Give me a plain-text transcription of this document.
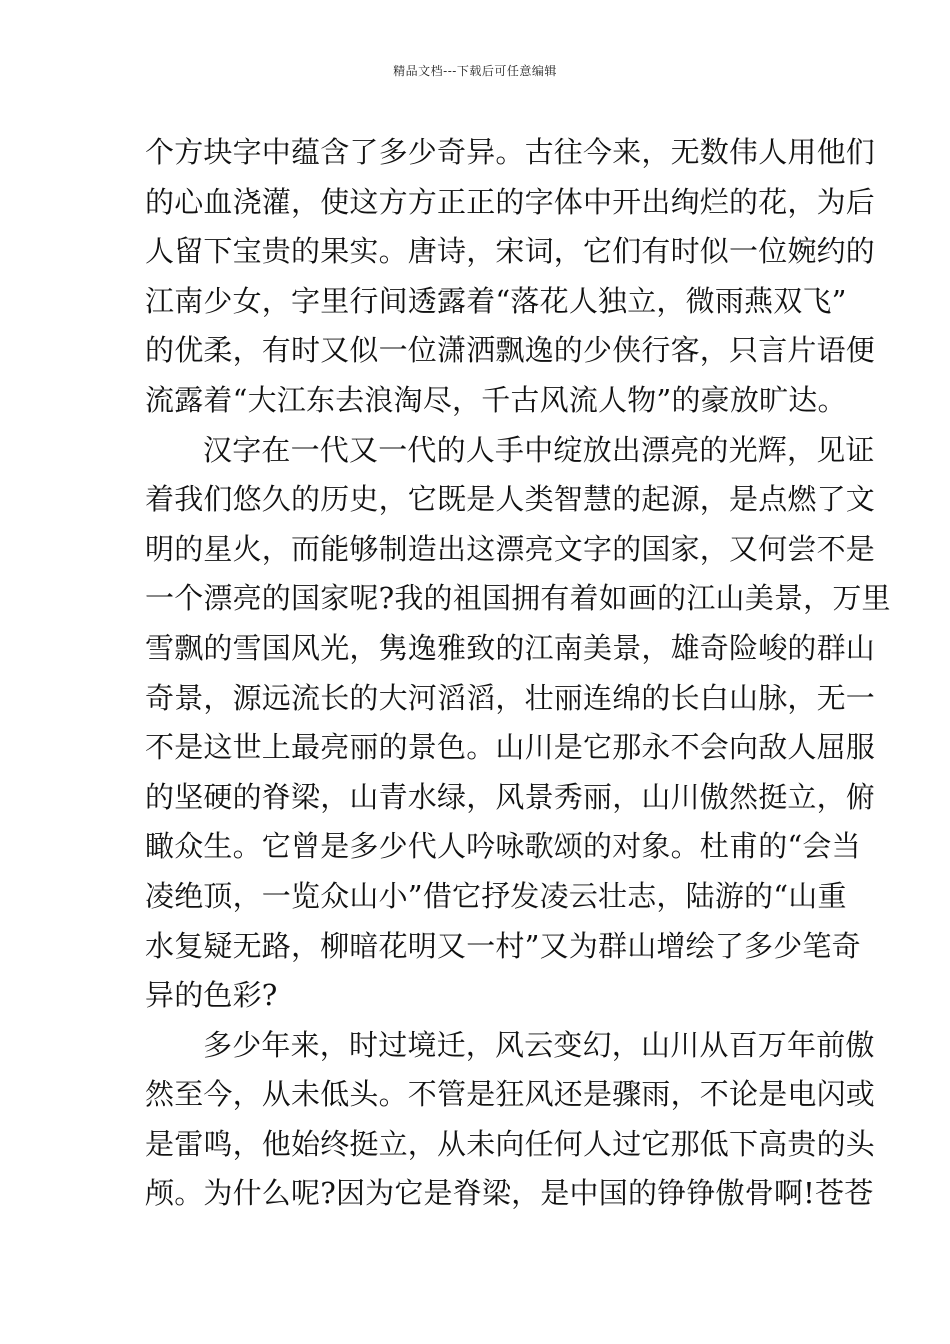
精品文档---下载后可任意编辑
个方块字中蕴含了多少奇异。古往今来，无数伟人用他们
的心血浇灌，使这方方正正的字体中开出绚烂的花，为后
人留下宝贵的果实。唐诗，宋词，它们有时似一位婉约的
江南少女，字里行间透露着“落花人独立，微雨燕双飞”
的优柔，有时又似一位潇洒飘逸的少侠行客，只言片语便
流露着“大江东去浪淘尽，千古风流人物”的豪放旷达。
汉字在一代又一代的人手中绽放出漂亮的光辉，见证
着我们悠久的历史，它既是人类智慧的起源，是点燃了文
明的星火，而能够制造出这漂亮文字的国家，又何尝不是
一个漂亮的国家呢?我的祖国拥有着如画的江山美景，万里
雪飘的雪国风光，隽逸雅致的江南美景，雄奇险峻的群山
奇景，源远流长的大河滔滔，壮丽连绵的长白山脉，无一
不是这世上最亮丽的景色。山川是它那永不会向敌人屈服
的坚硬的脊梁，山青水绿，风景秀丽，山川傲然挺立，俯
瞰众生。它曾是多少代人吟咏歌颂的对象。杜甫的“会当
凌绝顶，一览众山小”借它抒发凌云壮志，陆游的“山重
水复疑无路，柳暗花明又一村”又为群山增绘了多少笔奇
异的色彩?
多少年来，时过境迁，风云变幻，山川从百万年前傲
然至今，从未低头。不管是狂风还是骤雨，不论是电闪或
是雷鸣，他始终挺立，从未向任何人过它那低下高贵的头
颅。为什么呢?因为它是脊梁，是中国的铮铮傲骨啊!苍苍
